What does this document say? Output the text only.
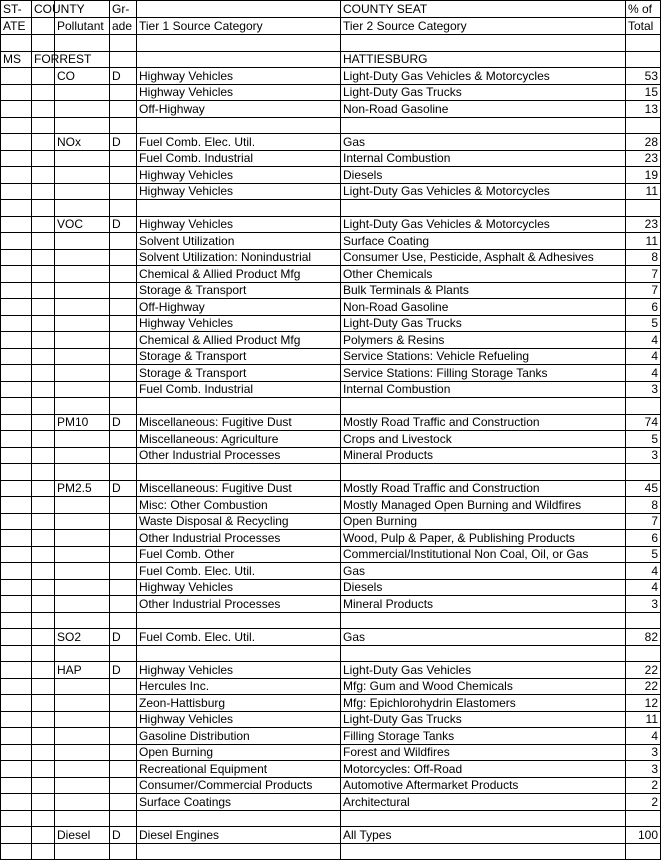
ST-	COUNTY		Gr-		COUNTY SEAT	% of
ATE		Pollutant	ade	Tier 1 Source Category	Tier 2 Source Category	Total

MS	FORREST				HATTIESBURG	
		CO	D	Highway Vehicles	Light-Duty Gas Vehicles & Motorcycles	53
				Highway Vehicles	Light-Duty Gas Trucks	15
				Off-Highway	Non-Road Gasoline	13

		NOx	D	Fuel Comb. Elec. Util.	Gas	28
				Fuel Comb. Industrial	Internal Combustion	23
				Highway Vehicles	Diesels	19
				Highway Vehicles	Light-Duty Gas Vehicles & Motorcycles	11

		VOC	D	Highway Vehicles	Light-Duty Gas Vehicles & Motorcycles	23
				Solvent Utilization	Surface Coating	11
				Solvent Utilization: Nonindustrial	Consumer Use, Pesticide, Asphalt & Adhesives	8
				Chemical & Allied Product Mfg	Other Chemicals	7
				Storage & Transport	Bulk Terminals & Plants	7
				Off-Highway	Non-Road Gasoline	6
				Highway Vehicles	Light-Duty Gas Trucks	5
				Chemical & Allied Product Mfg	Polymers & Resins	4
				Storage & Transport	Service Stations: Vehicle Refueling	4
				Storage & Transport	Service Stations: Filling Storage Tanks	4
				Fuel Comb. Industrial	Internal Combustion	3

		PM10	D	Miscellaneous: Fugitive Dust	Mostly Road Traffic and Construction	74
				Miscellaneous: Agriculture	Crops and Livestock	5
				Other Industrial Processes	Mineral Products	3

		PM2.5	D	Miscellaneous: Fugitive Dust	Mostly Road Traffic and Construction	45
				Misc: Other Combustion	Mostly Managed Open Burning and Wildfires	8
				Waste Disposal & Recycling	Open Burning	7
				Other Industrial Processes	Wood, Pulp & Paper, & Publishing Products	6
				Fuel Comb. Other	Commercial/Institutional Non Coal, Oil, or Gas	5
				Fuel Comb. Elec. Util.	Gas	4
				Highway Vehicles	Diesels	4
				Other Industrial Processes	Mineral Products	3

		SO2	D	Fuel Comb. Elec. Util.	Gas	82

		HAP	D	Highway Vehicles	Light-Duty Gas Vehicles	22
				Hercules Inc.	Mfg: Gum and Wood Chemicals	22
				Zeon-Hattisburg	Mfg: Epichlorohydrin Elastomers	12
				Highway Vehicles	Light-Duty Gas Trucks	11
				Gasoline Distribution	Filling Storage Tanks	4
				Open Burning	Forest and Wildfires	3
				Recreational Equipment	Motorcycles: Off-Road	3
				Consumer/Commercial Products	Automotive Aftermarket Products	2
				Surface Coatings	Architectural	2

		Diesel	D	Diesel Engines	All Types	100
